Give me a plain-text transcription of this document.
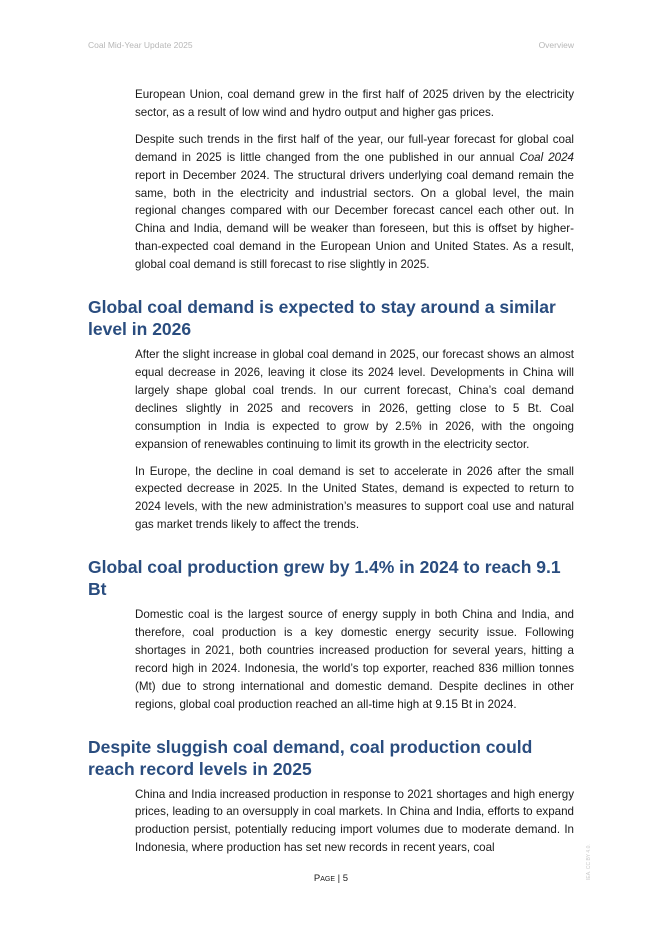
Coal Mid-Year Update 2025	Overview

European Union, coal demand grew in the first half of 2025 driven by the electricity sector, as a result of low wind and hydro output and higher gas prices.

Despite such trends in the first half of the year, our full-year forecast for global coal demand in 2025 is little changed from the one published in our annual Coal 2024 report in December 2024. The structural drivers underlying coal demand remain the same, both in the electricity and industrial sectors. On a global level, the main regional changes compared with our December forecast cancel each other out. In China and India, demand will be weaker than foreseen, but this is offset by higher-than-expected coal demand in the European Union and United States. As a result, global coal demand is still forecast to rise slightly in 2025.

Global coal demand is expected to stay around a similar level in 2026

After the slight increase in global coal demand in 2025, our forecast shows an almost equal decrease in 2026, leaving it close its 2024 level. Developments in China will largely shape global coal trends. In our current forecast, China’s coal demand declines slightly in 2025 and recovers in 2026, getting close to 5 Bt. Coal consumption in India is expected to grow by 2.5% in 2026, with the ongoing expansion of renewables continuing to limit its growth in the electricity sector.

In Europe, the decline in coal demand is set to accelerate in 2026 after the small expected decrease in 2025. In the United States, demand is expected to return to 2024 levels, with the new administration’s measures to support coal use and natural gas market trends likely to affect the trends.

Global coal production grew by 1.4% in 2024 to reach 9.1 Bt

Domestic coal is the largest source of energy supply in both China and India, and therefore, coal production is a key domestic energy security issue. Following shortages in 2021, both countries increased production for several years, hitting a record high in 2024. Indonesia, the world’s top exporter, reached 836 million tonnes (Mt) due to strong international and domestic demand. Despite declines in other regions, global coal production reached an all-time high at 9.15 Bt in 2024.

Despite sluggish coal demand, coal production could reach record levels in 2025

China and India increased production in response to 2021 shortages and high energy prices, leading to an oversupply in coal markets. In China and India, efforts to expand production persist, potentially reducing import volumes due to moderate demand. In Indonesia, where production has set new records in recent years, coal

Page | 5	IEA. CC BY 4.0.
